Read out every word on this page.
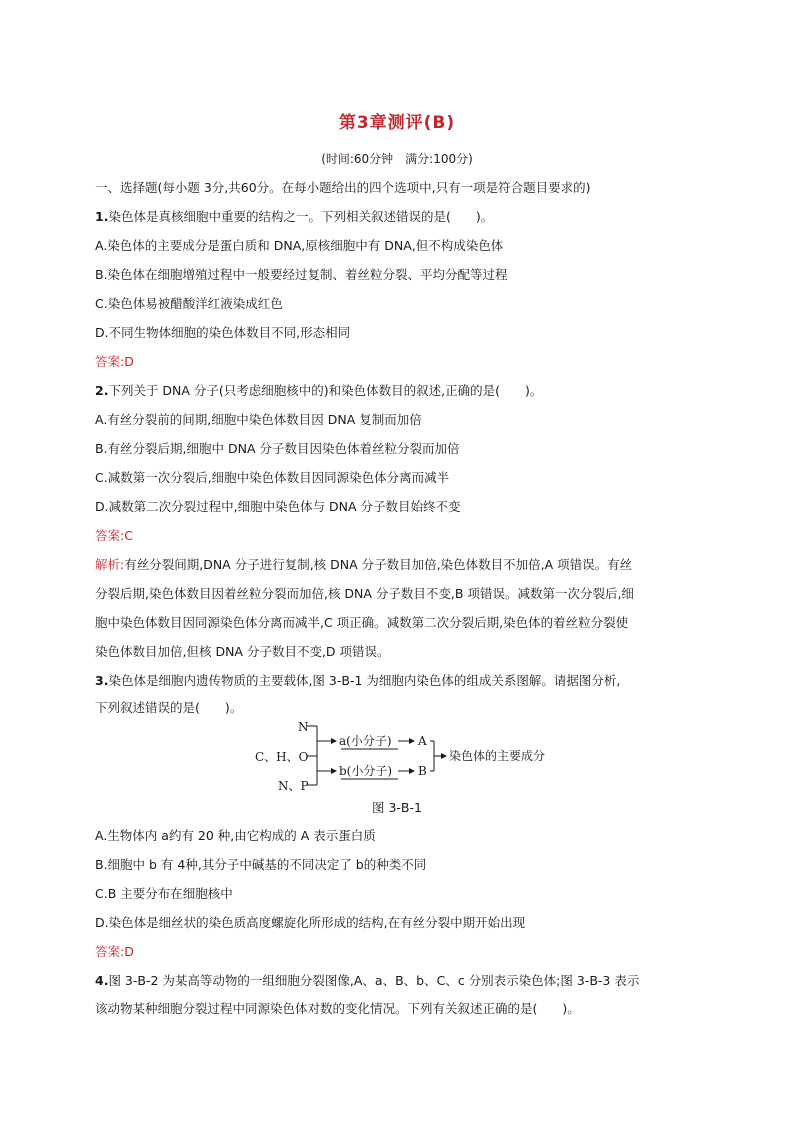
第3章测评(B)
(时间:60分钟　满分:100分)
一、选择题(每小题 3分,共60分。在每小题给出的四个选项中,只有一项是符合题目要求的)
1.染色体是真核细胞中重要的结构之一。下列相关叙述错误的是(　　)。
A.染色体的主要成分是蛋白质和 DNA,原核细胞中有 DNA,但不构成染色体
B.染色体在细胞增殖过程中一般要经过复制、着丝粒分裂、平均分配等过程
C.染色体易被醋酸洋红液染成红色
D.不同生物体细胞的染色体数目不同,形态相同
答案:D
2.下列关于 DNA 分子(只考虑细胞核中的)和染色体数目的叙述,正确的是(　　)。
A.有丝分裂前的间期,细胞中染色体数目因 DNA 复制而加倍
B.有丝分裂后期,细胞中 DNA 分子数目因染色体着丝粒分裂而加倍
C.减数第一次分裂后,细胞中染色体数目因同源染色体分离而减半
D.减数第二次分裂过程中,细胞中染色体与 DNA 分子数目始终不变
答案:C
解析:有丝分裂间期,DNA 分子进行复制,核 DNA 分子数目加倍,染色体数目不加倍,A 项错误。有丝
分裂后期,染色体数目因着丝粒分裂而加倍,核 DNA 分子数目不变,B 项错误。减数第一次分裂后,细
胞中染色体数目因同源染色体分离而减半,C 项正确。减数第二次分裂后期,染色体的着丝粒分裂使
染色体数目加倍,但核 DNA 分子数目不变,D 项错误。
3.染色体是细胞内遗传物质的主要载体,图 3-B-1 为细胞内染色体的组成关系图解。请据图分析,
下列叙述错误的是(　　)。
N
C、H、O
N、P
a(小分子)
b(小分子)
A
B
染色体的主要成分
图 3-B-1
A.生物体内 a约有 20 种,由它构成的 A 表示蛋白质
B.细胞中 b 有 4种,其分子中碱基的不同决定了 b的种类不同
C.B 主要分布在细胞核中
D.染色体是细丝状的染色质高度螺旋化所形成的结构,在有丝分裂中期开始出现
答案:D
4.图 3-B-2 为某高等动物的一组细胞分裂图像,A、a、B、b、C、c 分别表示染色体;图 3-B-3 表示
该动物某种细胞分裂过程中同源染色体对数的变化情况。下列有关叙述正确的是(　　)。
